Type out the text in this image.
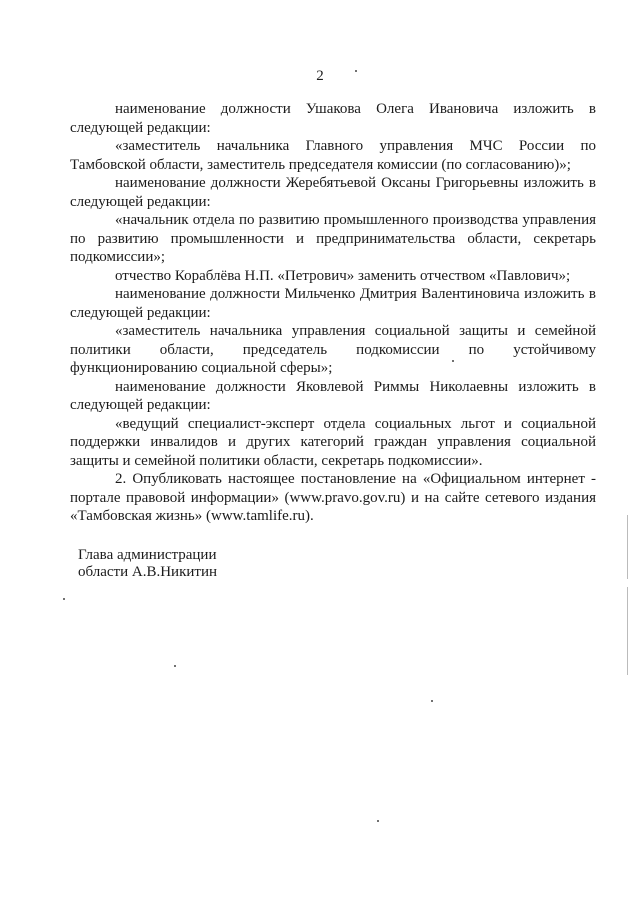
2

наименование должности Ушакова Олега Ивановича изложить в следующей редакции:

«заместитель начальника Главного управления МЧС России по Тамбовской области, заместитель председателя комиссии (по согласованию)»;

наименование должности Жеребятьевой Оксаны Григорьевны изложить в следующей редакции:

«начальник отдела по развитию промышленного производства управления по развитию промышленности и предпринимательства области, секретарь подкомиссии»;

отчество Кораблёва Н.П. «Петрович» заменить отчеством «Павлович»;

наименование должности Мильченко Дмитрия Валентиновича изложить в следующей редакции:

«заместитель начальника управления социальной защиты и семейной политики области, председатель подкомиссии по устойчивому функционированию социальной сферы»;

наименование должности Яковлевой Риммы Николаевны изложить в следующей редакции:

«ведущий специалист-эксперт отдела социальных льгот и социальной поддержки инвалидов и других категорий граждан управления социальной защиты и семейной политики области, секретарь подкомиссии».

2. Опубликовать настоящее постановление на «Официальном интернет - портале правовой информации» (www.pravo.gov.ru) и на сайте сетевого издания «Тамбовская жизнь» (www.tamlife.ru).

Глава администрации
области А.В.Никитин
